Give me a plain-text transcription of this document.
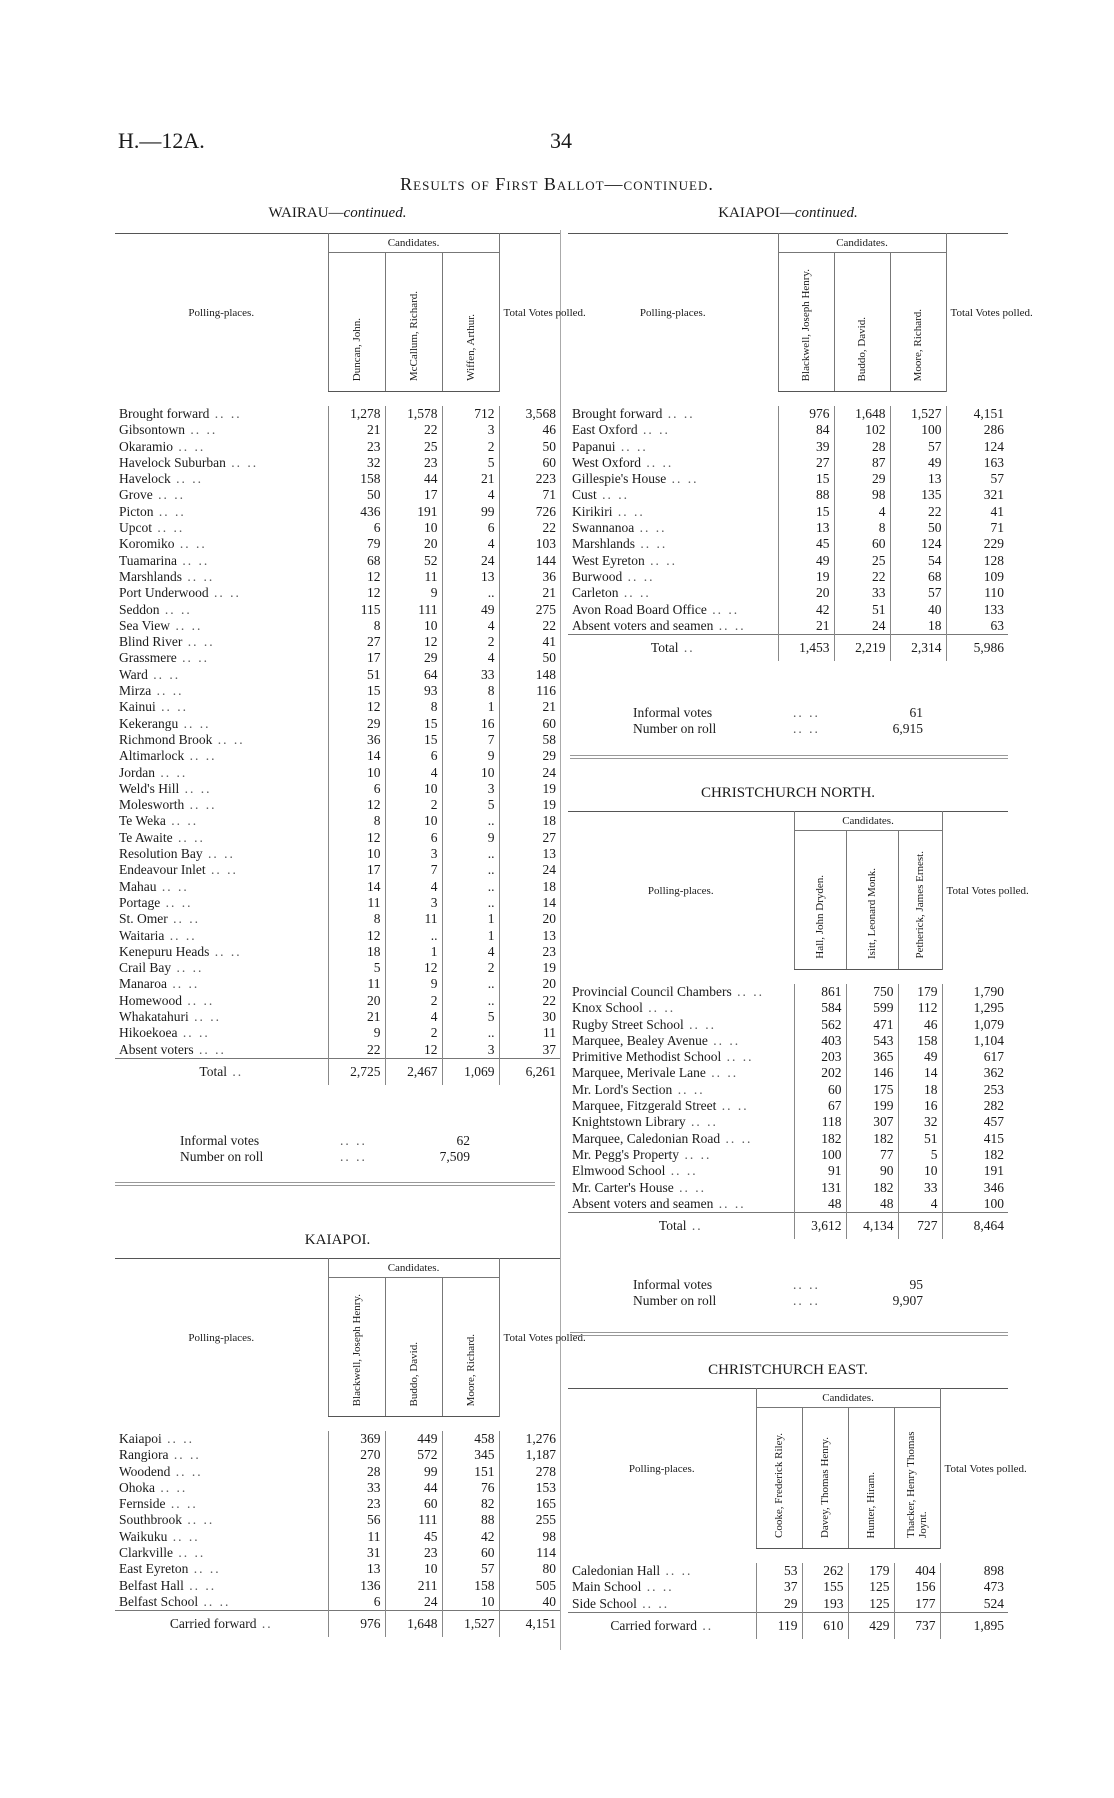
H.—12A.	34
Results of First Ballot—continued.
WAIRAU—continued.
Polling-places.	Candidates.			Total Votes polled.
	Duncan, John.	McCallum, Richard.	Wiffen, Arthur.	

Brought forward .. ..	1,278	1,578	712	3,568
Gibsontown .. ..	21	22	3	46
Okaramio .. ..	23	25	2	50
Havelock Suburban .. ..	32	23	5	60
Havelock .. ..	158	44	21	223
Grove .. ..	50	17	4	71
Picton .. ..	436	191	99	726
Upcot .. ..	6	10	6	22
Koromiko .. ..	79	20	4	103
Tuamarina .. ..	68	52	24	144
Marshlands .. ..	12	11	13	36
Port Underwood .. ..	12	9	..	21
Seddon .. ..	115	111	49	275
Sea View .. ..	8	10	4	22
Blind River .. ..	27	12	2	41
Grassmere .. ..	17	29	4	50
Ward .. ..	51	64	33	148
Mirza .. ..	15	93	8	116
Kainui .. ..	12	8	1	21
Kekerangu .. ..	29	15	16	60
Richmond Brook .. ..	36	15	7	58
Altimarlock .. ..	14	6	9	29
Jordan .. ..	10	4	10	24
Weld's Hill .. ..	6	10	3	19
Molesworth .. ..	12	2	5	19
Te Weka .. ..	8	10	..	18
Te Awaite .. ..	12	6	9	27
Resolution Bay .. ..	10	3	..	13
Endeavour Inlet .. ..	17	7	..	24
Mahau .. ..	14	4	..	18
Portage .. ..	11	3	..	14
St. Omer .. ..	8	11	1	20
Waitaria .. ..	12	..	1	13
Kenepuru Heads .. ..	18	1	4	23
Crail Bay .. ..	5	12	2	19
Manaroa .. ..	11	9	..	20
Homewood .. ..	20	2	..	22
Whakatahuri .. ..	21	4	5	30
Hikoekoea .. ..	9	2	..	11
Absent voters .. ..	22	12	3	37
Total ..	2,725	2,467	1,069	6,261
Informal votes	.. ..	62
Number on roll	.. ..	7,509
KAIAPOI.
Polling-places.	Candidates.			Total Votes polled.
	Blackwell, Joseph Henry.	Buddo, David.	Moore, Richard.	

Kaiapoi .. ..	369	449	458	1,276
Rangiora .. ..	270	572	345	1,187
Woodend .. ..	28	99	151	278
Ohoka .. ..	33	44	76	153
Fernside .. ..	23	60	82	165
Southbrook .. ..	56	111	88	255
Waikuku .. ..	11	45	42	98
Clarkville .. ..	31	23	60	114
East Eyreton .. ..	13	10	57	80
Belfast Hall .. ..	136	211	158	505
Belfast School .. ..	6	24	10	40
Carried forward ..	976	1,648	1,527	4,151
KAIAPOI—continued.
Polling-places.	Candidates.			Total Votes polled.
	Blackwell, Joseph Henry.	Buddo, David.	Moore, Richard.	

Brought forward .. ..	976	1,648	1,527	4,151
East Oxford .. ..	84	102	100	286
Papanui .. ..	39	28	57	124
West Oxford .. ..	27	87	49	163
Gillespie's House .. ..	15	29	13	57
Cust .. ..	88	98	135	321
Kirikiri .. ..	15	4	22	41
Swannanoa .. ..	13	8	50	71
Marshlands .. ..	45	60	124	229
West Eyreton .. ..	49	25	54	128
Burwood .. ..	19	22	68	109
Carleton .. ..	20	33	57	110
Avon Road Board Office .. ..	42	51	40	133
Absent voters and seamen .. ..	21	24	18	63
Total ..	1,453	2,219	2,314	5,986
Informal votes	.. ..	61
Number on roll	.. ..	6,915
CHRISTCHURCH NORTH.
Polling-places.	Candidates.			Total Votes polled.
	Hall, John Dryden.	Isitt, Leonard Monk.	Petherick, James Ernest.	

Provincial Council Chambers .. ..	861	750	179	1,790
Knox School .. ..	584	599	112	1,295
Rugby Street School .. ..	562	471	46	1,079
Marquee, Bealey Avenue .. ..	403	543	158	1,104
Primitive Methodist School .. ..	203	365	49	617
Marquee, Merivale Lane .. ..	202	146	14	362
Mr. Lord's Section .. ..	60	175	18	253
Marquee, Fitzgerald Street .. ..	67	199	16	282
Knightstown Library .. ..	118	307	32	457
Marquee, Caledonian Road .. ..	182	182	51	415
Mr. Pegg's Property .. ..	100	77	5	182
Elmwood School .. ..	91	90	10	191
Mr. Carter's House .. ..	131	182	33	346
Absent voters and seamen .. ..	48	48	4	100
Total ..	3,612	4,134	727	8,464
Informal votes	.. ..	95
Number on roll	.. ..	9,907
CHRISTCHURCH EAST.
Polling-places.	Candidates.				Total Votes polled.
	Cooke, Frederick Riley.	Davey, Thomas Henry.	Hunter, Hiram.	Thacker, Henry Thomas Joynt.	

Caledonian Hall .. ..	53	262	179	404	898
Main School .. ..	37	155	125	156	473
Side School .. ..	29	193	125	177	524
Carried forward ..	119	610	429	737	1,895
